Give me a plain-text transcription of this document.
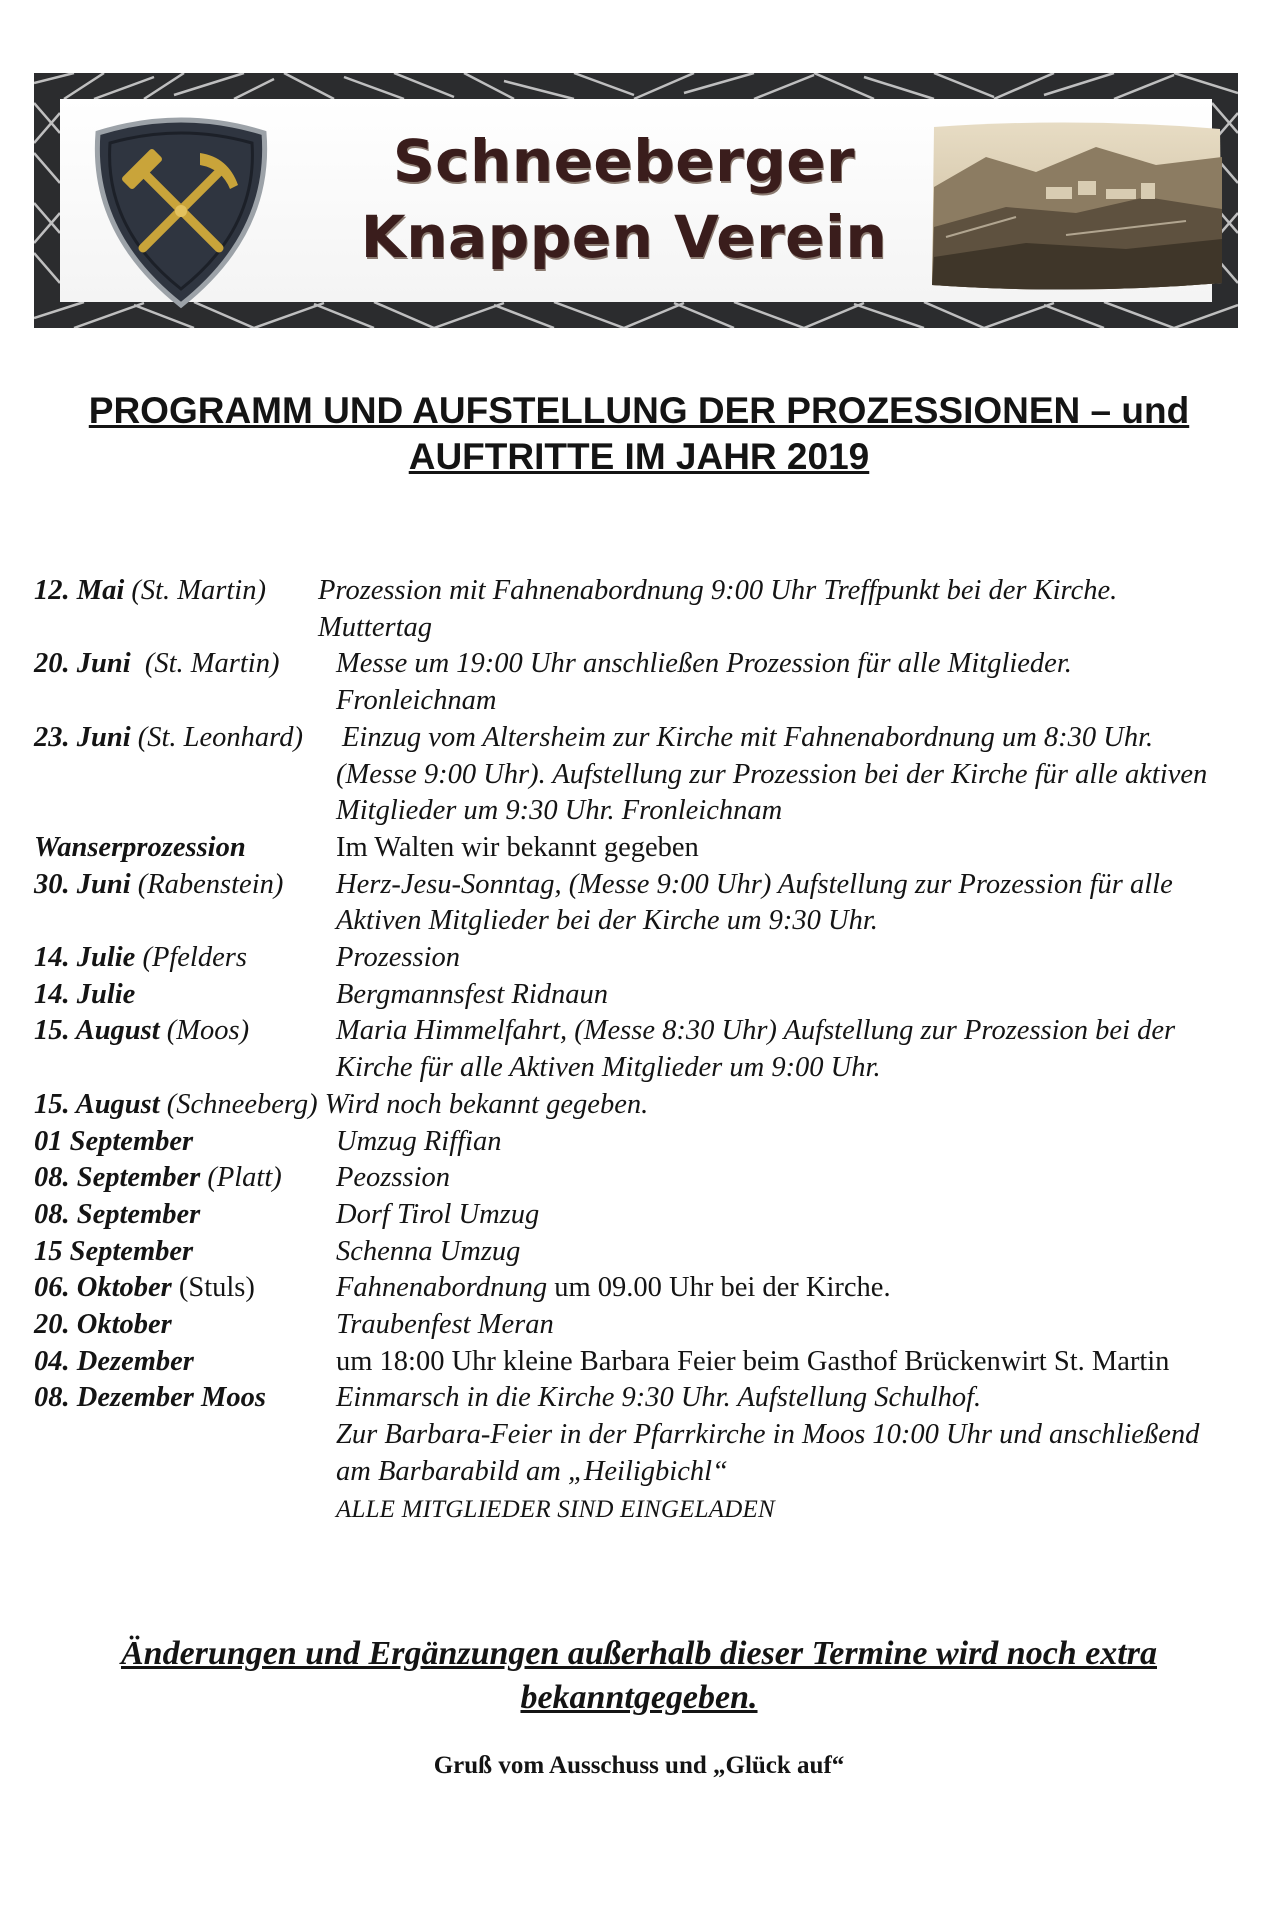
Schneeberger
Knappen Verein
PROGRAMM UND AUFSTELLUNG DER PROZESSIONEN – und
AUFTRITTE IM JAHR 2019
12. Mai (St. Martin)	Prozession mit Fahnenabordnung 9:00 Uhr Treffpunkt bei der Kirche.
Muttertag
20. Juni  (St. Martin)	Messe um 19:00 Uhr anschließen Prozession für alle Mitglieder.
Fronleichnam
23. Juni (St. Leonhard)	Einzug vom Altersheim zur Kirche mit Fahnenabordnung um 8:30 Uhr. (Messe 9:00 Uhr). Aufstellung zur Prozession bei der Kirche für alle aktiven Mitglieder um 9:30 Uhr. Fronleichnam
Wanserprozession	Im Walten wir bekannt gegeben
30. Juni (Rabenstein)	Herz-Jesu-Sonntag, (Messe 9:00 Uhr) Aufstellung zur Prozession für alle Aktiven Mitglieder bei der Kirche um 9:30 Uhr.
14. Julie (Pfelders	Prozession
14. Julie	Bergmannsfest Ridnaun
15. August (Moos)	Maria Himmelfahrt, (Messe 8:30 Uhr) Aufstellung zur Prozession bei der Kirche für alle Aktiven Mitglieder um 9:00 Uhr.
15. August (Schneeberg) Wird noch bekannt gegeben.
01 September	Umzug Riffian
08. September (Platt)	Peozssion
08. September	Dorf Tirol Umzug
15 September	Schenna Umzug
06. Oktober (Stuls)	Fahnenabordnung um 09.00 Uhr bei der Kirche.
20. Oktober	Traubenfest Meran
04. Dezember	um 18:00 Uhr kleine Barbara Feier beim Gasthof Brückenwirt St. Martin
08. Dezember Moos	Einmarsch in die Kirche 9:30 Uhr. Aufstellung Schulhof.
Zur Barbara-Feier in der Pfarrkirche in Moos 10:00 Uhr und anschließend am Barbarabild am „Heiligbichl“
ALLE MITGLIEDER SIND EINGELADEN

Änderungen und Ergänzungen außerhalb dieser Termine wird noch extra
bekanntgegeben.

Gruß vom Ausschuss und „Glück auf“
